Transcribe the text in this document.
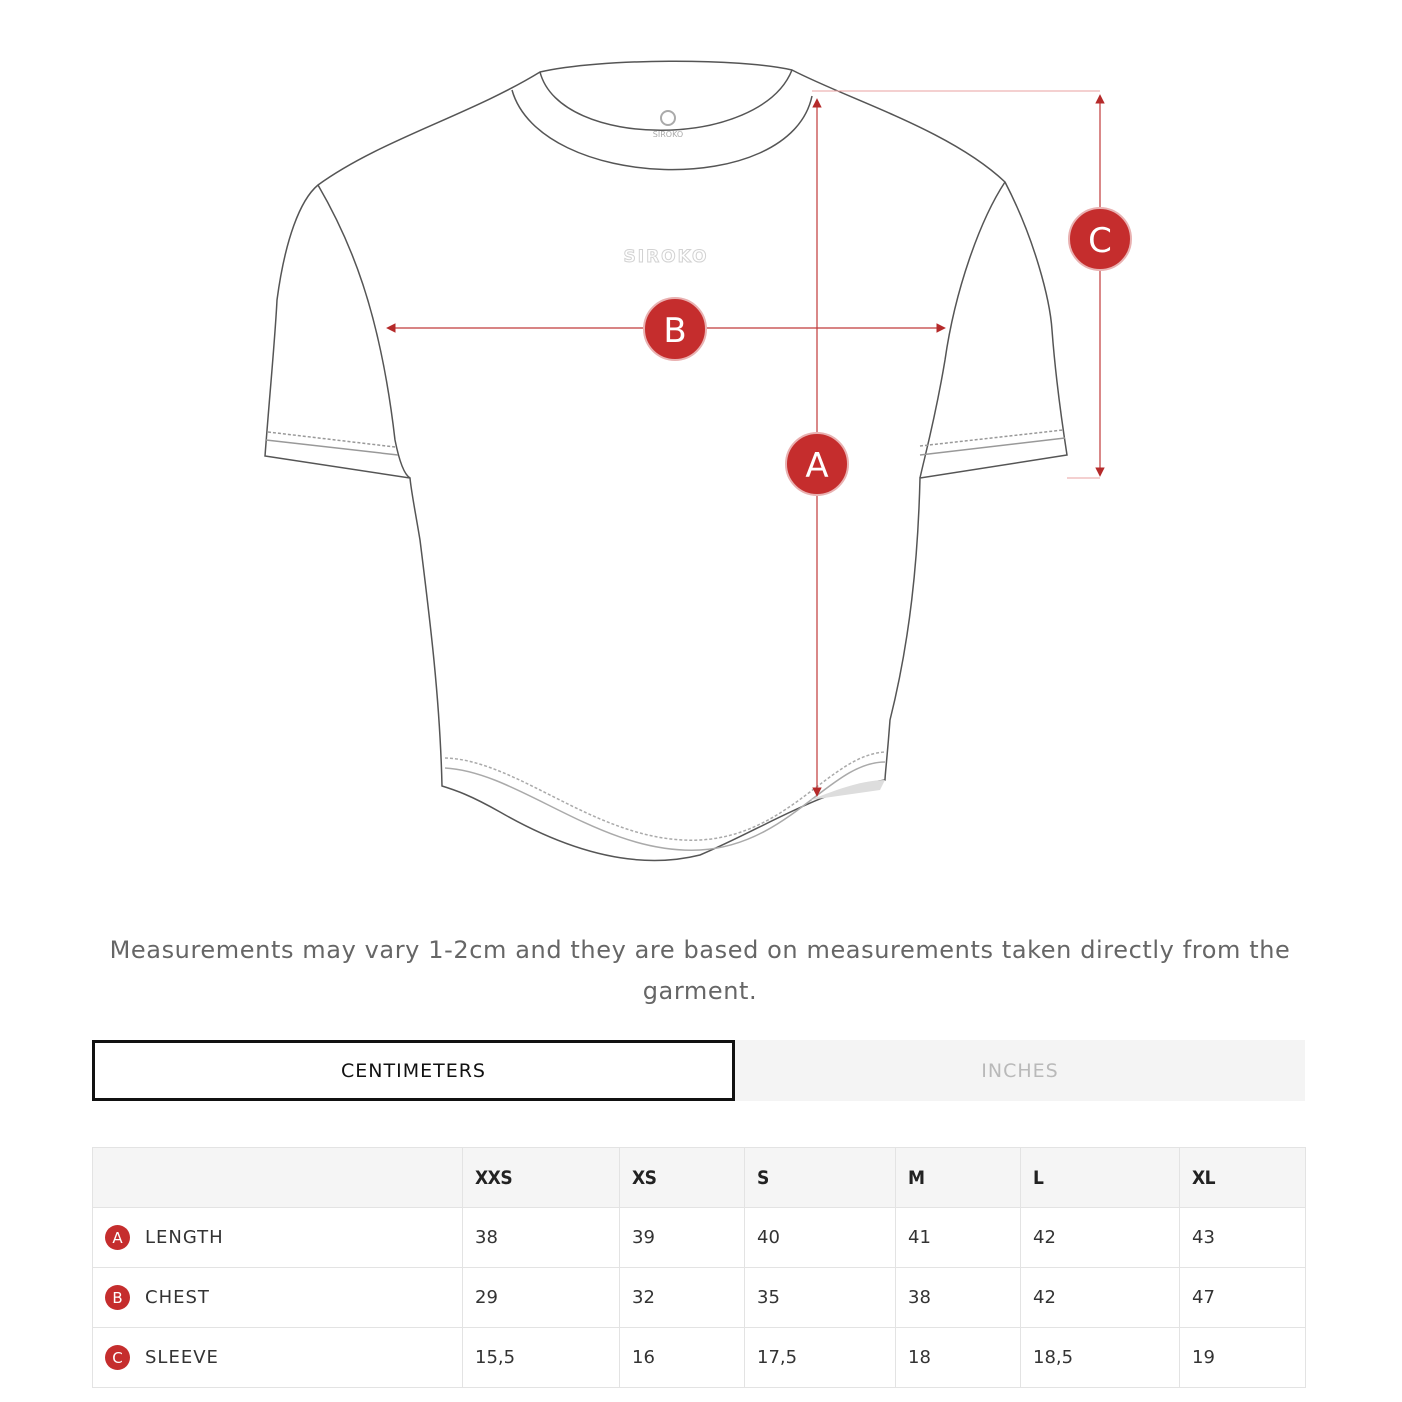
SIROKO
SIROKO
B
A
C
Measurements may vary 1-2cm and they are based on measurements taken directly from the garment.
CENTIMETERS	INCHES
	XXS	XS	S	M	L	XL

A LENGTH	38	39	40	41	42	43

B CHEST	29	32	35	38	42	47

C SLEEVE	15,5	16	17,5	18	18,5	19
